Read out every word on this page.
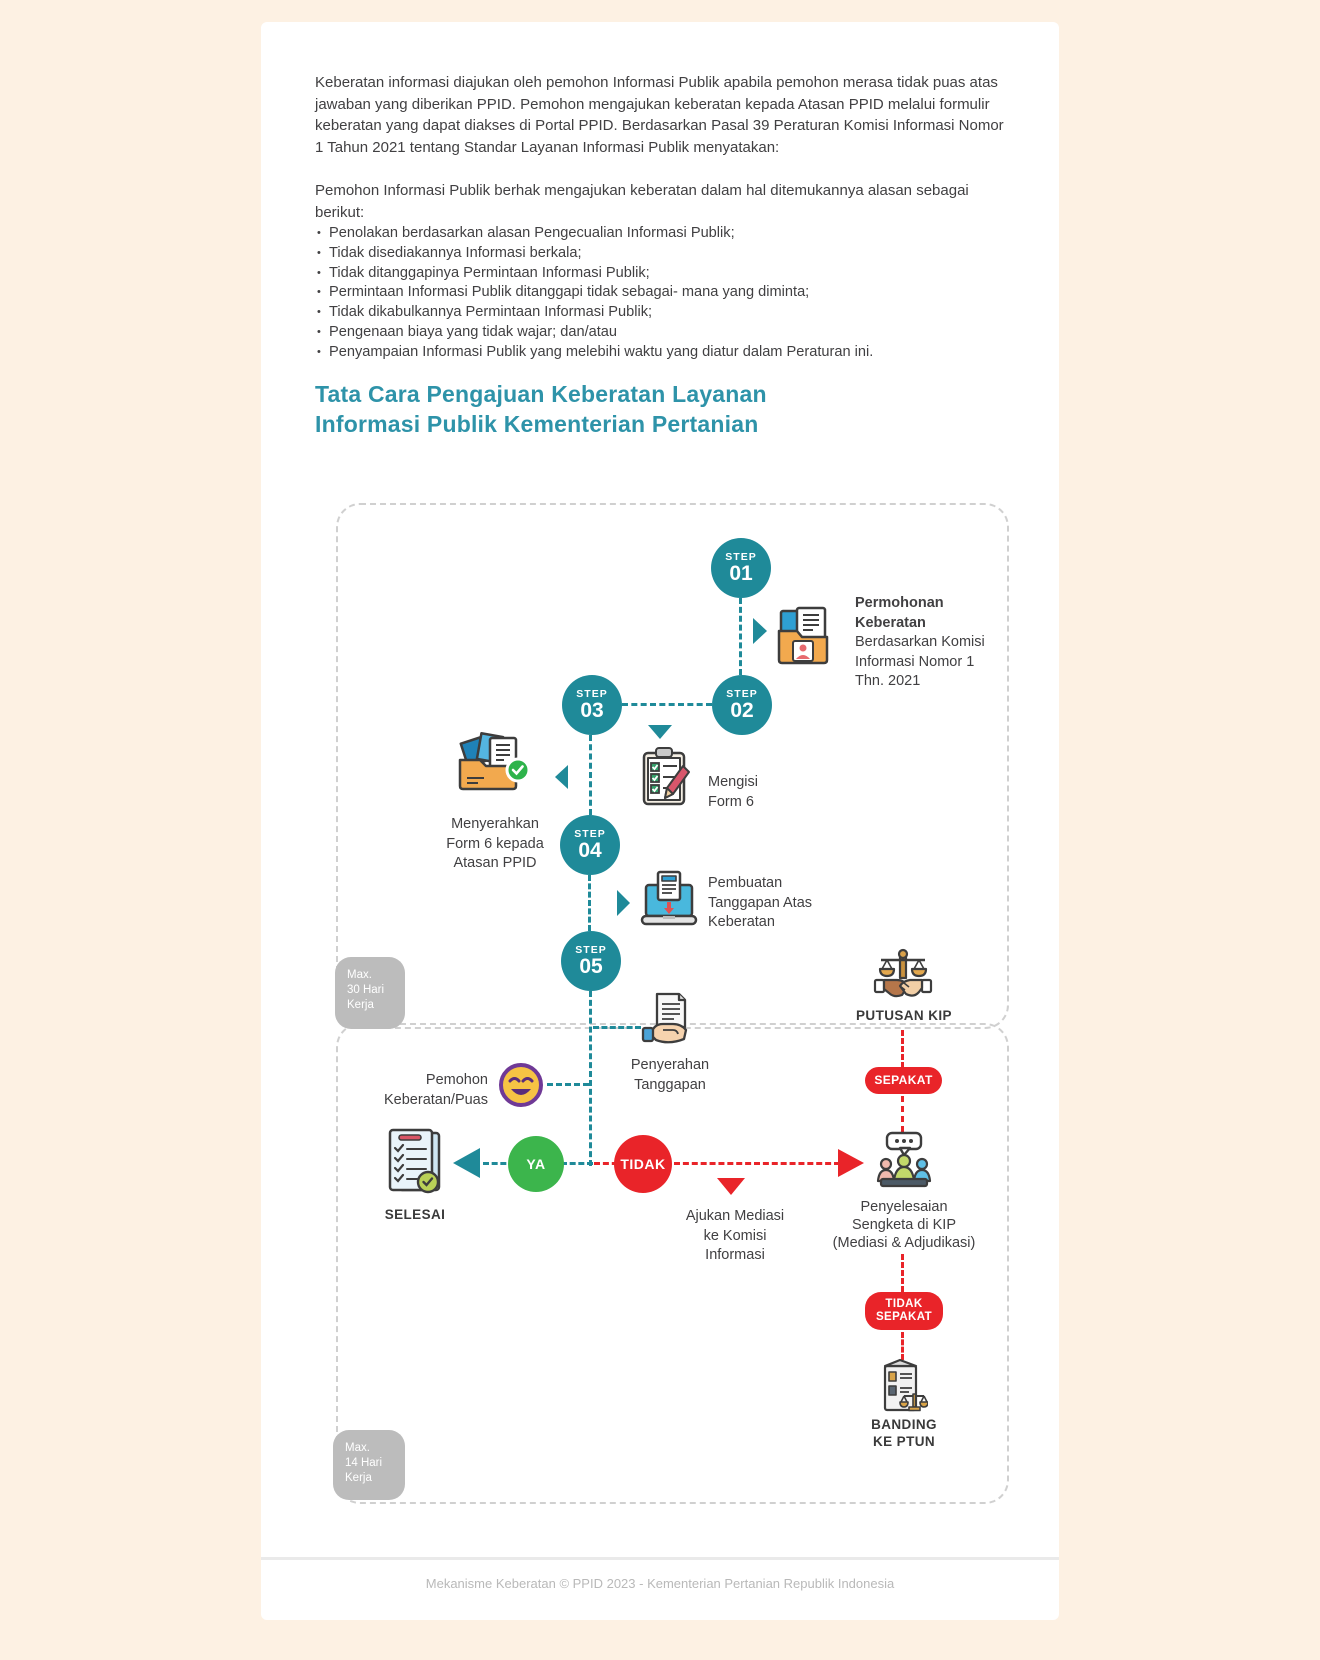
Keberatan informasi diajukan oleh pemohon Informasi Publik apabila pemohon merasa tidak puas atas jawaban yang diberikan PPID. Pemohon mengajukan keberatan kepada Atasan PPID melalui formulir keberatan yang dapat diakses di Portal PPID. Berdasarkan Pasal 39 Peraturan Komisi Informasi Nomor 1 Tahun 2021 tentang Standar Layanan Informasi Publik menyatakan:

Pemohon Informasi Publik berhak mengajukan keberatan dalam hal ditemukannya alasan sebagai berikut:

• Penolakan berdasarkan alasan Pengecualian Informasi Publik;
• Tidak disediakannya Informasi berkala;
• Tidak ditanggapinya Permintaan Informasi Publik;
• Permintaan Informasi Publik ditanggapi tidak sebagai- mana yang diminta;
• Tidak dikabulkannya Permintaan Informasi Publik;
• Pengenaan biaya yang tidak wajar; dan/atau
• Penyampaian Informasi Publik yang melebihi waktu yang diatur dalam Peraturan ini.
Tata Cara Pengajuan Keberatan Layanan
Informasi Publik Kementerian Pertanian
Max.
30 Hari
Kerja
Max.
14 Hari
Kerja
STEP
01
STEP
02
STEP
03
STEP
04
STEP
05
Permohonan
Keberatan
Berdasarkan Komisi
Informasi Nomor 1
Thn. 2021
Mengisi
Form 6
Menyerahkan
Form 6 kepada
Atasan PPID
Pembuatan
Tanggapan Atas
Keberatan
Penyerahan
Tanggapan
Pemohon
Keberatan/Puas
Ajukan Mediasi
ke Komisi Informasi
Penyelesaian
Sengketa di KIP
(Mediasi & Adjudikasi)
SELESAI
PUTUSAN KIP
BANDING
KE PTUN
YA	TIDAK
SEPAKAT
TIDAK
SEPAKAT
Mekanisme Keberatan © PPID 2023 - Kementerian Pertanian Republik Indonesia
